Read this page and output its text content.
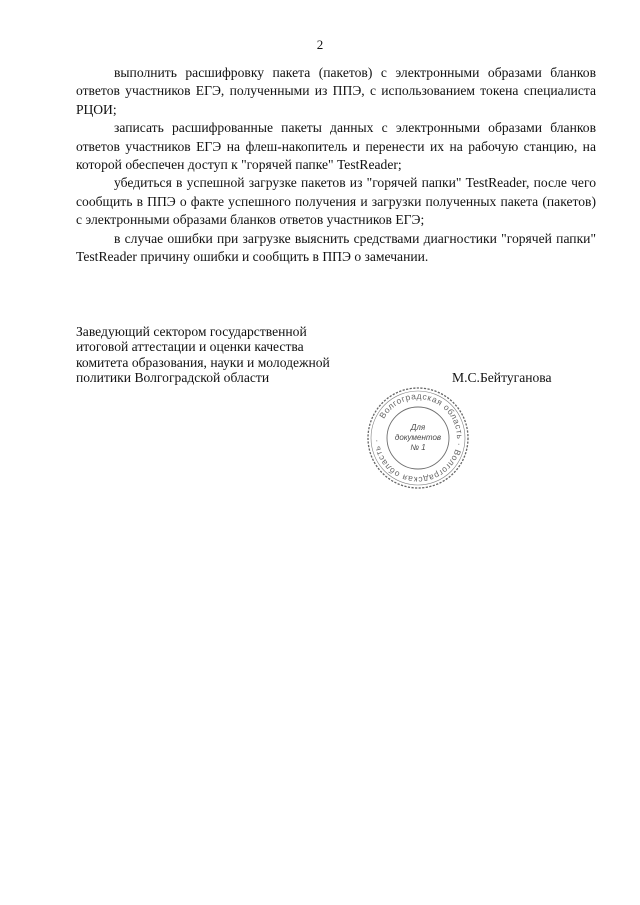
2

выполнить расшифровку пакета (пакетов) с электронными образами бланков ответов участников ЕГЭ, полученными из ППЭ, с использованием токена специалиста РЦОИ;

записать расшифрованные пакеты данных с электронными образами бланков ответов участников ЕГЭ на флеш-накопитель и перенести их на рабочую станцию, на которой обеспечен доступ к "горячей папке" TestReader;

убедиться в успешной загрузке пакетов из "горячей папки" TestReader, после чего сообщить в ППЭ о факте успешного получения и загрузки полученных пакета (пакетов) с электронными образами бланков ответов участников ЕГЭ;

в случае ошибки при загрузке выяснить средствами диагностики "горячей папки" TestReader причину ошибки и сообщить в ППЭ о замечании.

Заведующий сектором государственной
итоговой аттестации и оценки качества
комитета образования, науки и молодежной
политики Волгоградской области	М.С.Бейтуганова
Волгоградская область · Волгоградская область ·
Для
документов
№ 1
